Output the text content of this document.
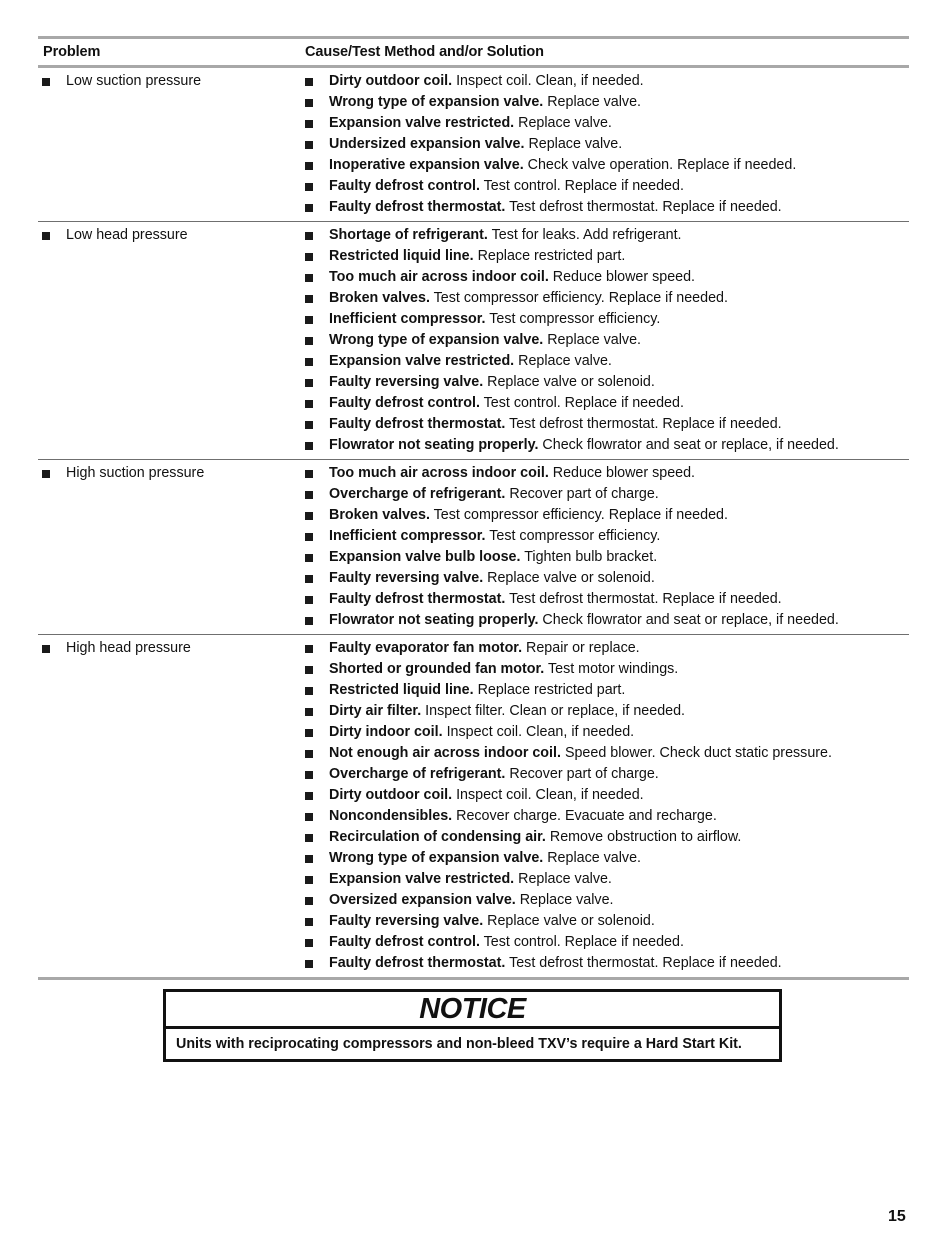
Problem	Cause/Test Method and/or Solution
Low suction pressure	Dirty outdoor coil. Inspect coil. Clean, if needed.
Wrong type of expansion valve. Replace valve.
Expansion valve restricted. Replace valve.
Undersized expansion valve. Replace valve.
Inoperative expansion valve. Check valve operation. Replace if needed.
Faulty defrost control. Test control. Replace if needed.
Faulty defrost thermostat. Test defrost thermostat. Replace if needed.
Low head pressure	Shortage of refrigerant. Test for leaks. Add refrigerant.
Restricted liquid line. Replace restricted part.
Too much air across indoor coil. Reduce blower speed.
Broken valves. Test compressor efficiency. Replace if needed.
Inefficient compressor. Test compressor efficiency.
Wrong type of expansion valve. Replace valve.
Expansion valve restricted. Replace valve.
Faulty reversing valve. Replace valve or solenoid.
Faulty defrost control. Test control. Replace if needed.
Faulty defrost thermostat. Test defrost thermostat. Replace if needed.
Flowrator not seating properly. Check flowrator and seat or replace, if needed.
High suction pressure	Too much air across indoor coil. Reduce blower speed.
Overcharge of refrigerant. Recover part of charge.
Broken valves. Test compressor efficiency. Replace if needed.
Inefficient compressor. Test compressor efficiency.
Expansion valve bulb loose. Tighten bulb bracket.
Faulty reversing valve. Replace valve or solenoid.
Faulty defrost thermostat. Test defrost thermostat. Replace if needed.
Flowrator not seating properly. Check flowrator and seat or replace, if needed.
High head pressure	Faulty evaporator fan motor. Repair or replace.
Shorted or grounded fan motor. Test motor windings.
Restricted liquid line. Replace restricted part.
Dirty air filter. Inspect filter. Clean or replace, if needed.
Dirty indoor coil. Inspect coil. Clean, if needed.
Not enough air across indoor coil. Speed blower. Check duct static pressure.
Overcharge of refrigerant. Recover part of charge.
Dirty outdoor coil. Inspect coil. Clean, if needed.
Noncondensibles. Recover charge. Evacuate and recharge.
Recirculation of condensing air. Remove obstruction to airflow.
Wrong type of expansion valve. Replace valve.
Expansion valve restricted. Replace valve.
Oversized expansion valve. Replace valve.
Faulty reversing valve. Replace valve or solenoid.
Faulty defrost control. Test control. Replace if needed.
Faulty defrost thermostat. Test defrost thermostat. Replace if needed.
NOTICE
Units with reciprocating compressors and non-bleed TXV’s require a Hard Start Kit.
15
